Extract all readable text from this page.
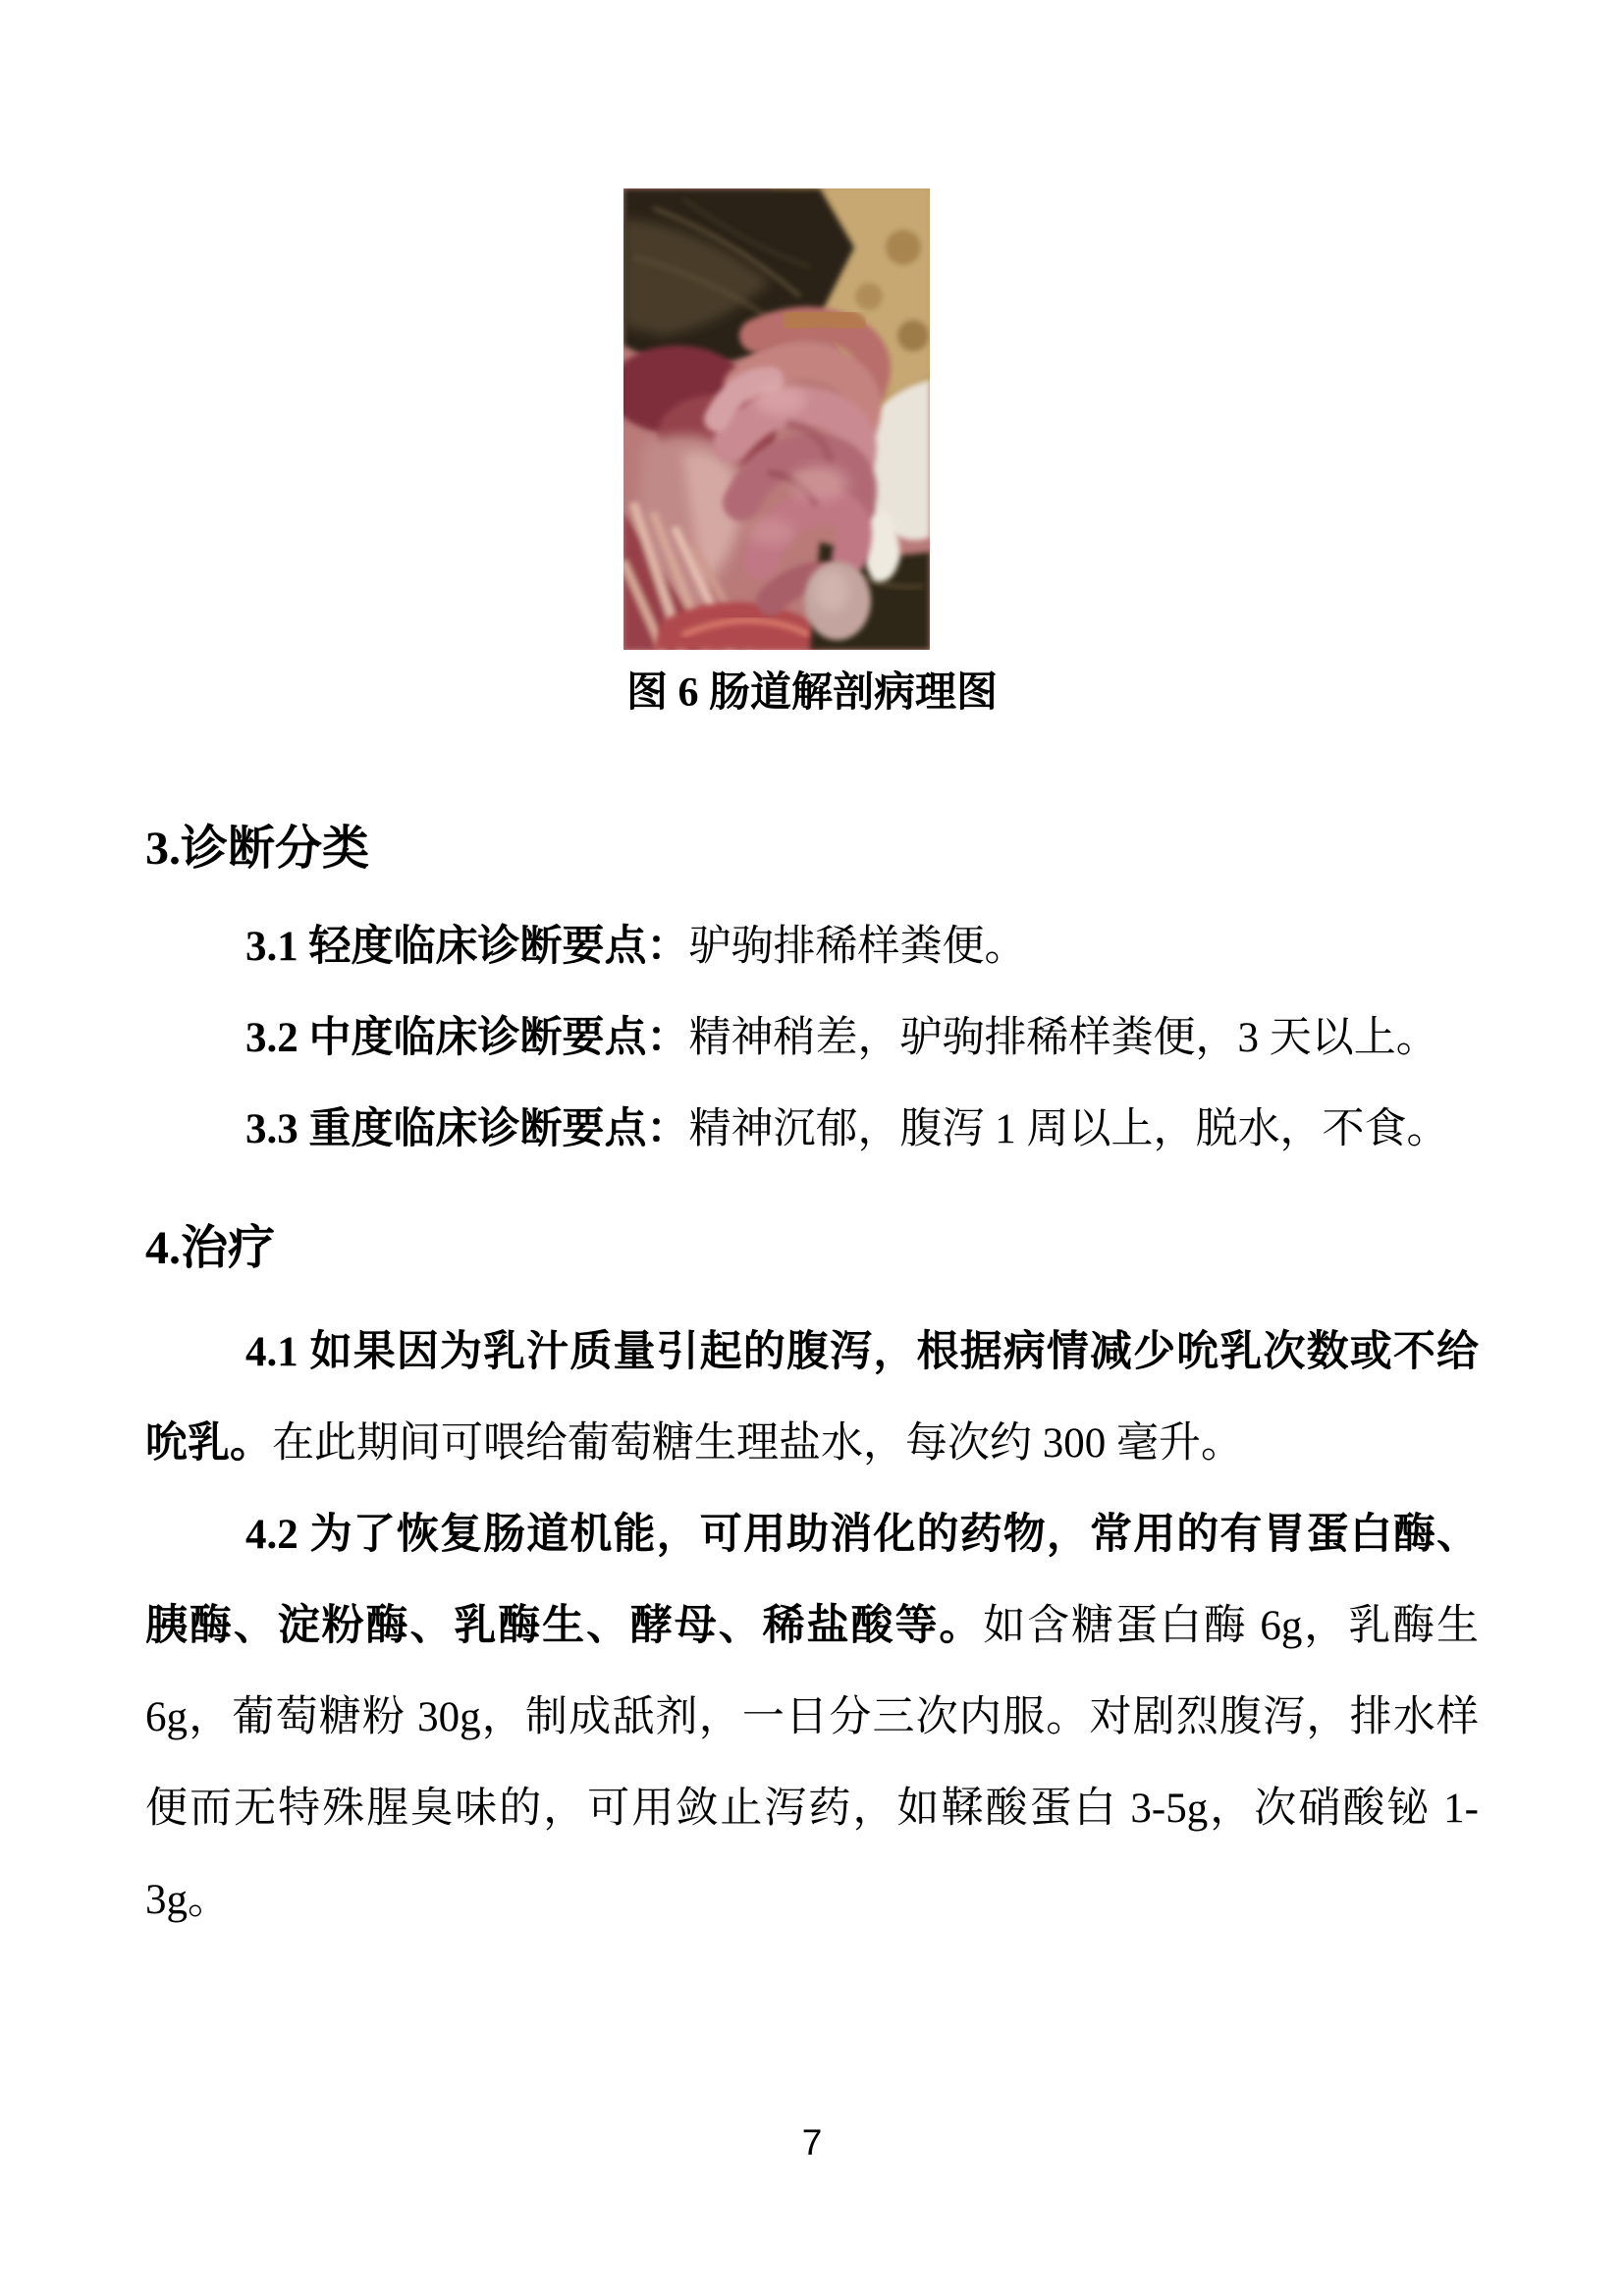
图 6 肠道解剖病理图
3.诊断分类

3.1 轻度临床诊断要点：驴驹排稀样粪便。

3.2 中度临床诊断要点：精神稍差，驴驹排稀样粪便，3 天以上。

3.3 重度临床诊断要点：精神沉郁，腹泻 1 周以上，脱水，不食。

4.治疗

4.1 如果因为乳汁质量引起的腹泻，根据病情减少吮乳次数或不给吮乳。在此期间可喂给葡萄糖生理盐水，每次约 300 毫升。

4.2 为了恢复肠道机能，可用助消化的药物，常用的有胃蛋白酶、胰酶、淀粉酶、乳酶生、酵母、稀盐酸等。如含糖蛋白酶 6g，乳酶生 6g，葡萄糖粉 30g，制成舐剂，一日分三次内服。对剧烈腹泻，排水样便而无特殊腥臭味的，可用敛止泻药，如鞣酸蛋白 3-5g，次硝酸铋 1-3g。

7
